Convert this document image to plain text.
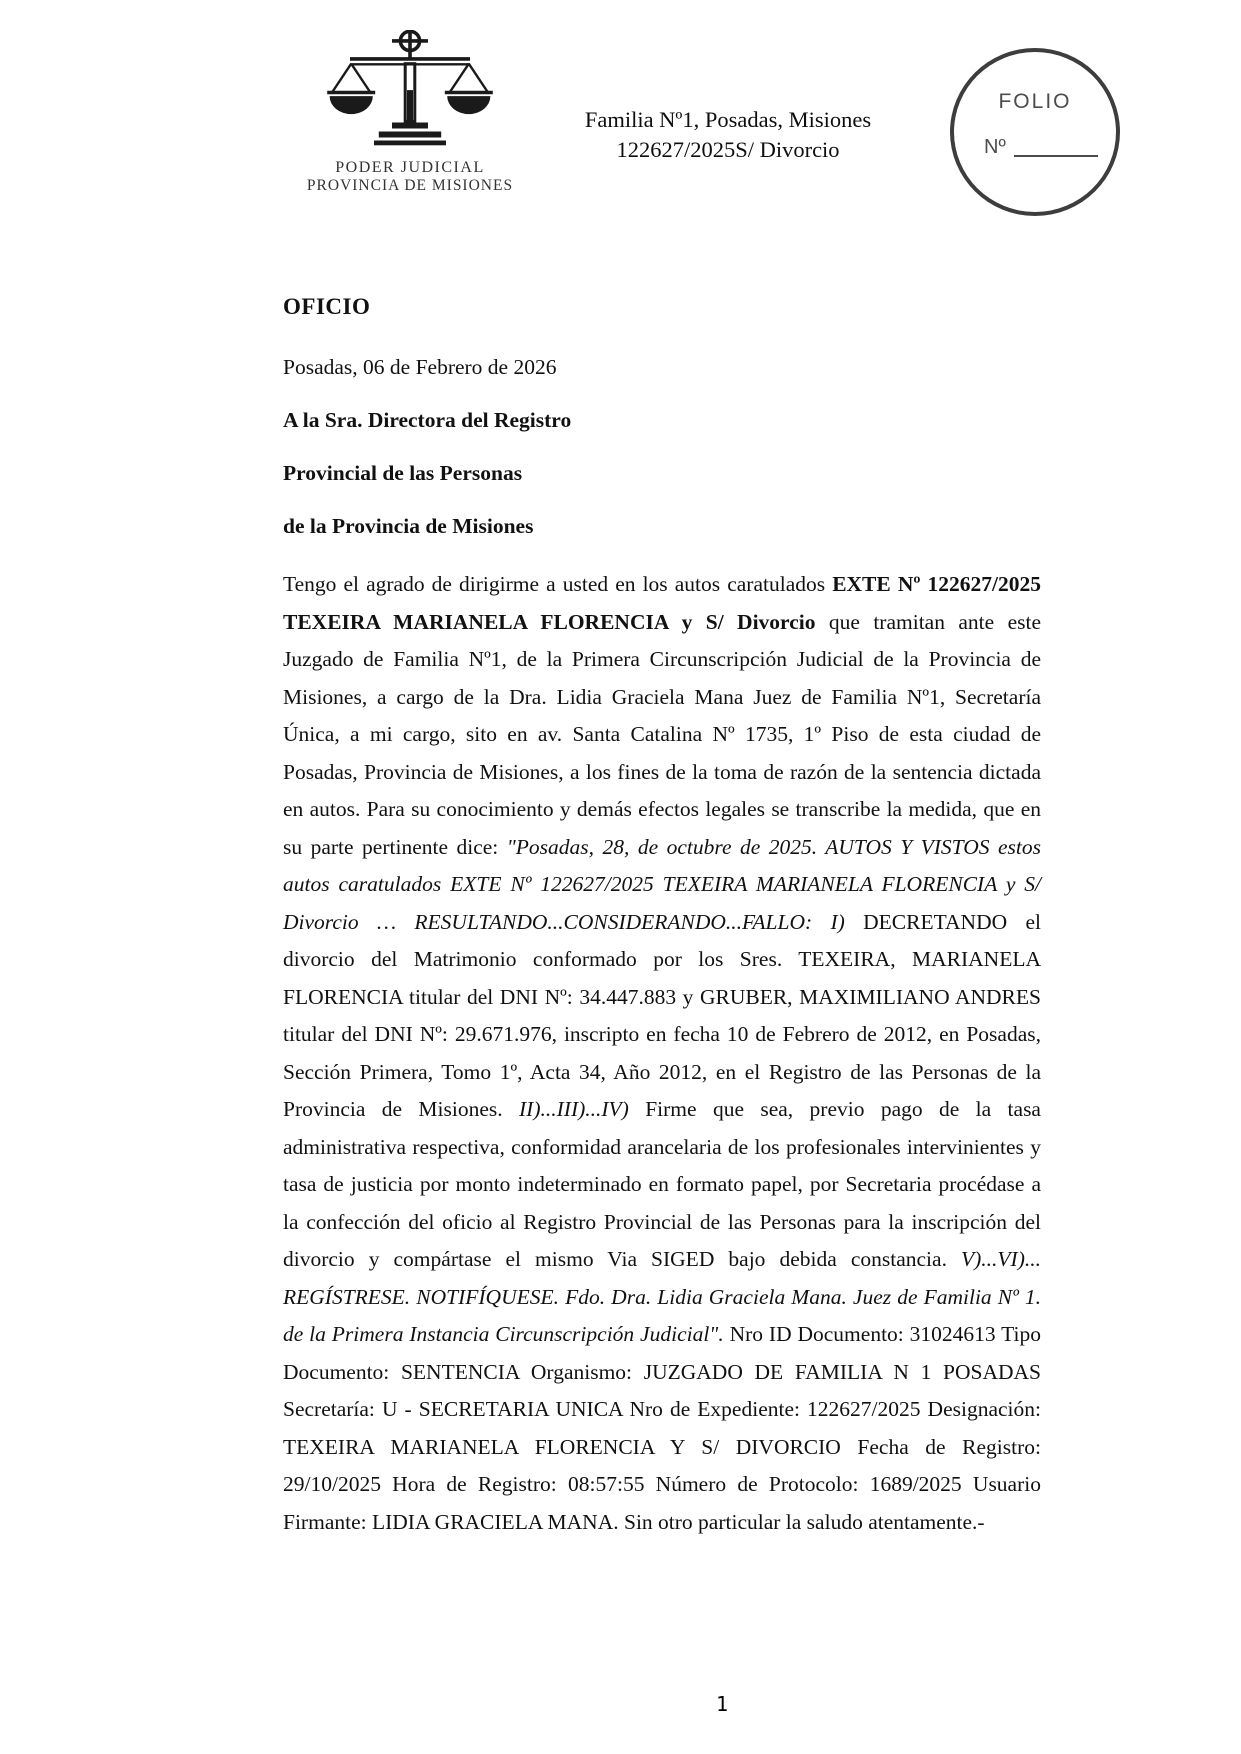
PODER JUDICIAL
PROVINCIA DE MISIONES
Familia Nº1, Posadas, Misiones
122627/2025S/ Divorcio
FOLIO
Nº

OFICIO

Posadas, 06 de Febrero de 2026

A la Sra. Directora del Registro

Provincial de las Personas

de la Provincia de Misiones

Tengo el agrado de dirigirme a usted en los autos caratulados EXTE Nº 122627/2025 TEXEIRA MARIANELA FLORENCIA y S/ Divorcio que tramitan ante este Juzgado de Familia Nº1, de la Primera Circunscripción Judicial de la Provincia de Misiones, a cargo de la Dra. Lidia Graciela Mana Juez de Familia Nº1, Secretaría Única, a mi cargo, sito en av. Santa Catalina Nº 1735, 1º Piso de esta ciudad de Posadas, Provincia de Misiones, a los fines de la toma de razón de la sentencia dictada en autos. Para su conocimiento y demás efectos legales se transcribe la medida, que en su parte pertinente dice: "Posadas, 28, de octubre de 2025. AUTOS Y VISTOS estos autos caratulados EXTE Nº 122627/2025 TEXEIRA MARIANELA FLORENCIA y S/ Divorcio … RESULTANDO...CONSIDERANDO...FALLO: I) DECRETANDO el divorcio del Matrimonio conformado por los Sres. TEXEIRA, MARIANELA FLORENCIA titular del DNI Nº: 34.447.883 y GRUBER, MAXIMILIANO ANDRES titular del DNI Nº: 29.671.976, inscripto en fecha 10 de Febrero de 2012, en Posadas, Sección Primera, Tomo 1º, Acta 34, Año 2012, en el Registro de las Personas de la Provincia de Misiones. II)...III)...IV) Firme que sea, previo pago de la tasa administrativa respectiva, conformidad arancelaria de los profesionales intervinientes y tasa de justicia por monto indeterminado en formato papel, por Secretaria procédase a la confección del oficio al Registro Provincial de las Personas para la inscripción del divorcio y compártase el mismo Via SIGED bajo debida constancia. V)...VI)... REGÍSTRESE. NOTIFÍQUESE. Fdo. Dra. Lidia Graciela Mana. Juez de Familia Nº 1. de la Primera Instancia Circunscripción Judicial". Nro ID Documento: 31024613 Tipo Documento: SENTENCIA Organismo: JUZGADO DE FAMILIA N 1 POSADAS Secretaría: U - SECRETARIA UNICA Nro de Expediente: 122627/2025 Designación: TEXEIRA MARIANELA FLORENCIA Y S/ DIVORCIO Fecha de Registro: 29/10/2025 Hora de Registro: 08:57:55 Número de Protocolo: 1689/2025 Usuario Firmante: LIDIA GRACIELA MANA. Sin otro particular la saludo atentamente.-

1
